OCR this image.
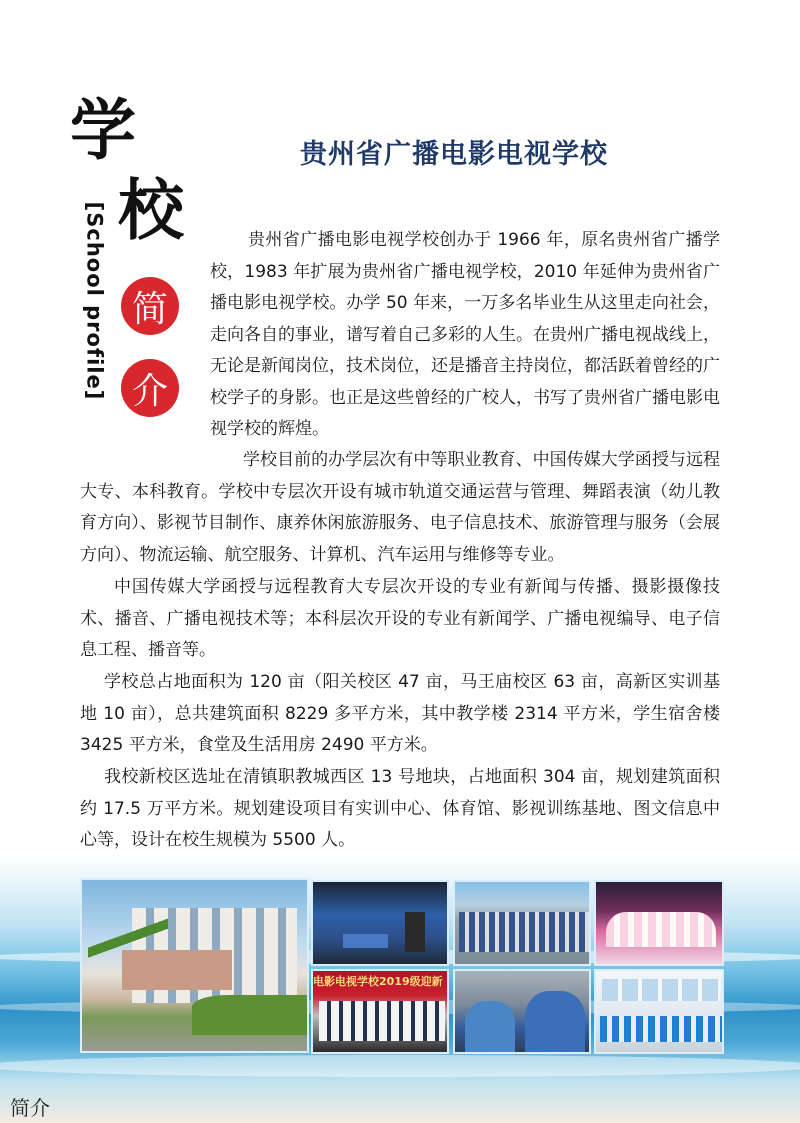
学
校
[School profile] 简
介
贵州省广播电影电视学校

贵州省广播电影电视学校创办于 1966 年，原名贵州省广播学校，1983 年扩展为贵州省广播电视学校，2010 年延伸为贵州省广播电影电视学校。办学 50 年来，一万多名毕业生从这里走向社会，走向各自的事业，谱写着自己多彩的人生。在贵州广播电视战线上，无论是新闻岗位，技术岗位，还是播音主持岗位，都活跃着曾经的广校学子的身影。也正是这些曾经的广校人，书写了贵州省广播电影电视学校的辉煌。

学校目前的办学层次有中等职业教育、中国传媒大学函授与远程大专、本科教育。学校中专层次开设有城市轨道交通运营与管理、舞蹈表演（幼儿教育方向）、影视节目制作、康养休闲旅游服务、电子信息技术、旅游管理与服务（会展方向）、物流运输、航空服务、计算机、汽车运用与维修等专业。

中国传媒大学函授与远程教育大专层次开设的专业有新闻与传播、摄影摄像技术、播音、广播电视技术等；本科层次开设的专业有新闻学、广播电视编导、电子信息工程、播音等。

学校总占地面积为 120 亩（阳关校区 47 亩，马王庙校区 63 亩，高新区实训基地 10 亩），总共建筑面积 8229 多平方米，其中教学楼 2314 平方米，学生宿舍楼 3425 平方米，食堂及生活用房 2490 平方米。

我校新校区选址在清镇职教城西区 13 号地块，占地面积 304 亩，规划建筑面积约 17.5 万平方米。规划建设项目有实训中心、体育馆、影视训练基地、图文信息中心等，设计在校生规模为 5500 人。

电影电视学校2019级迎新
简介
